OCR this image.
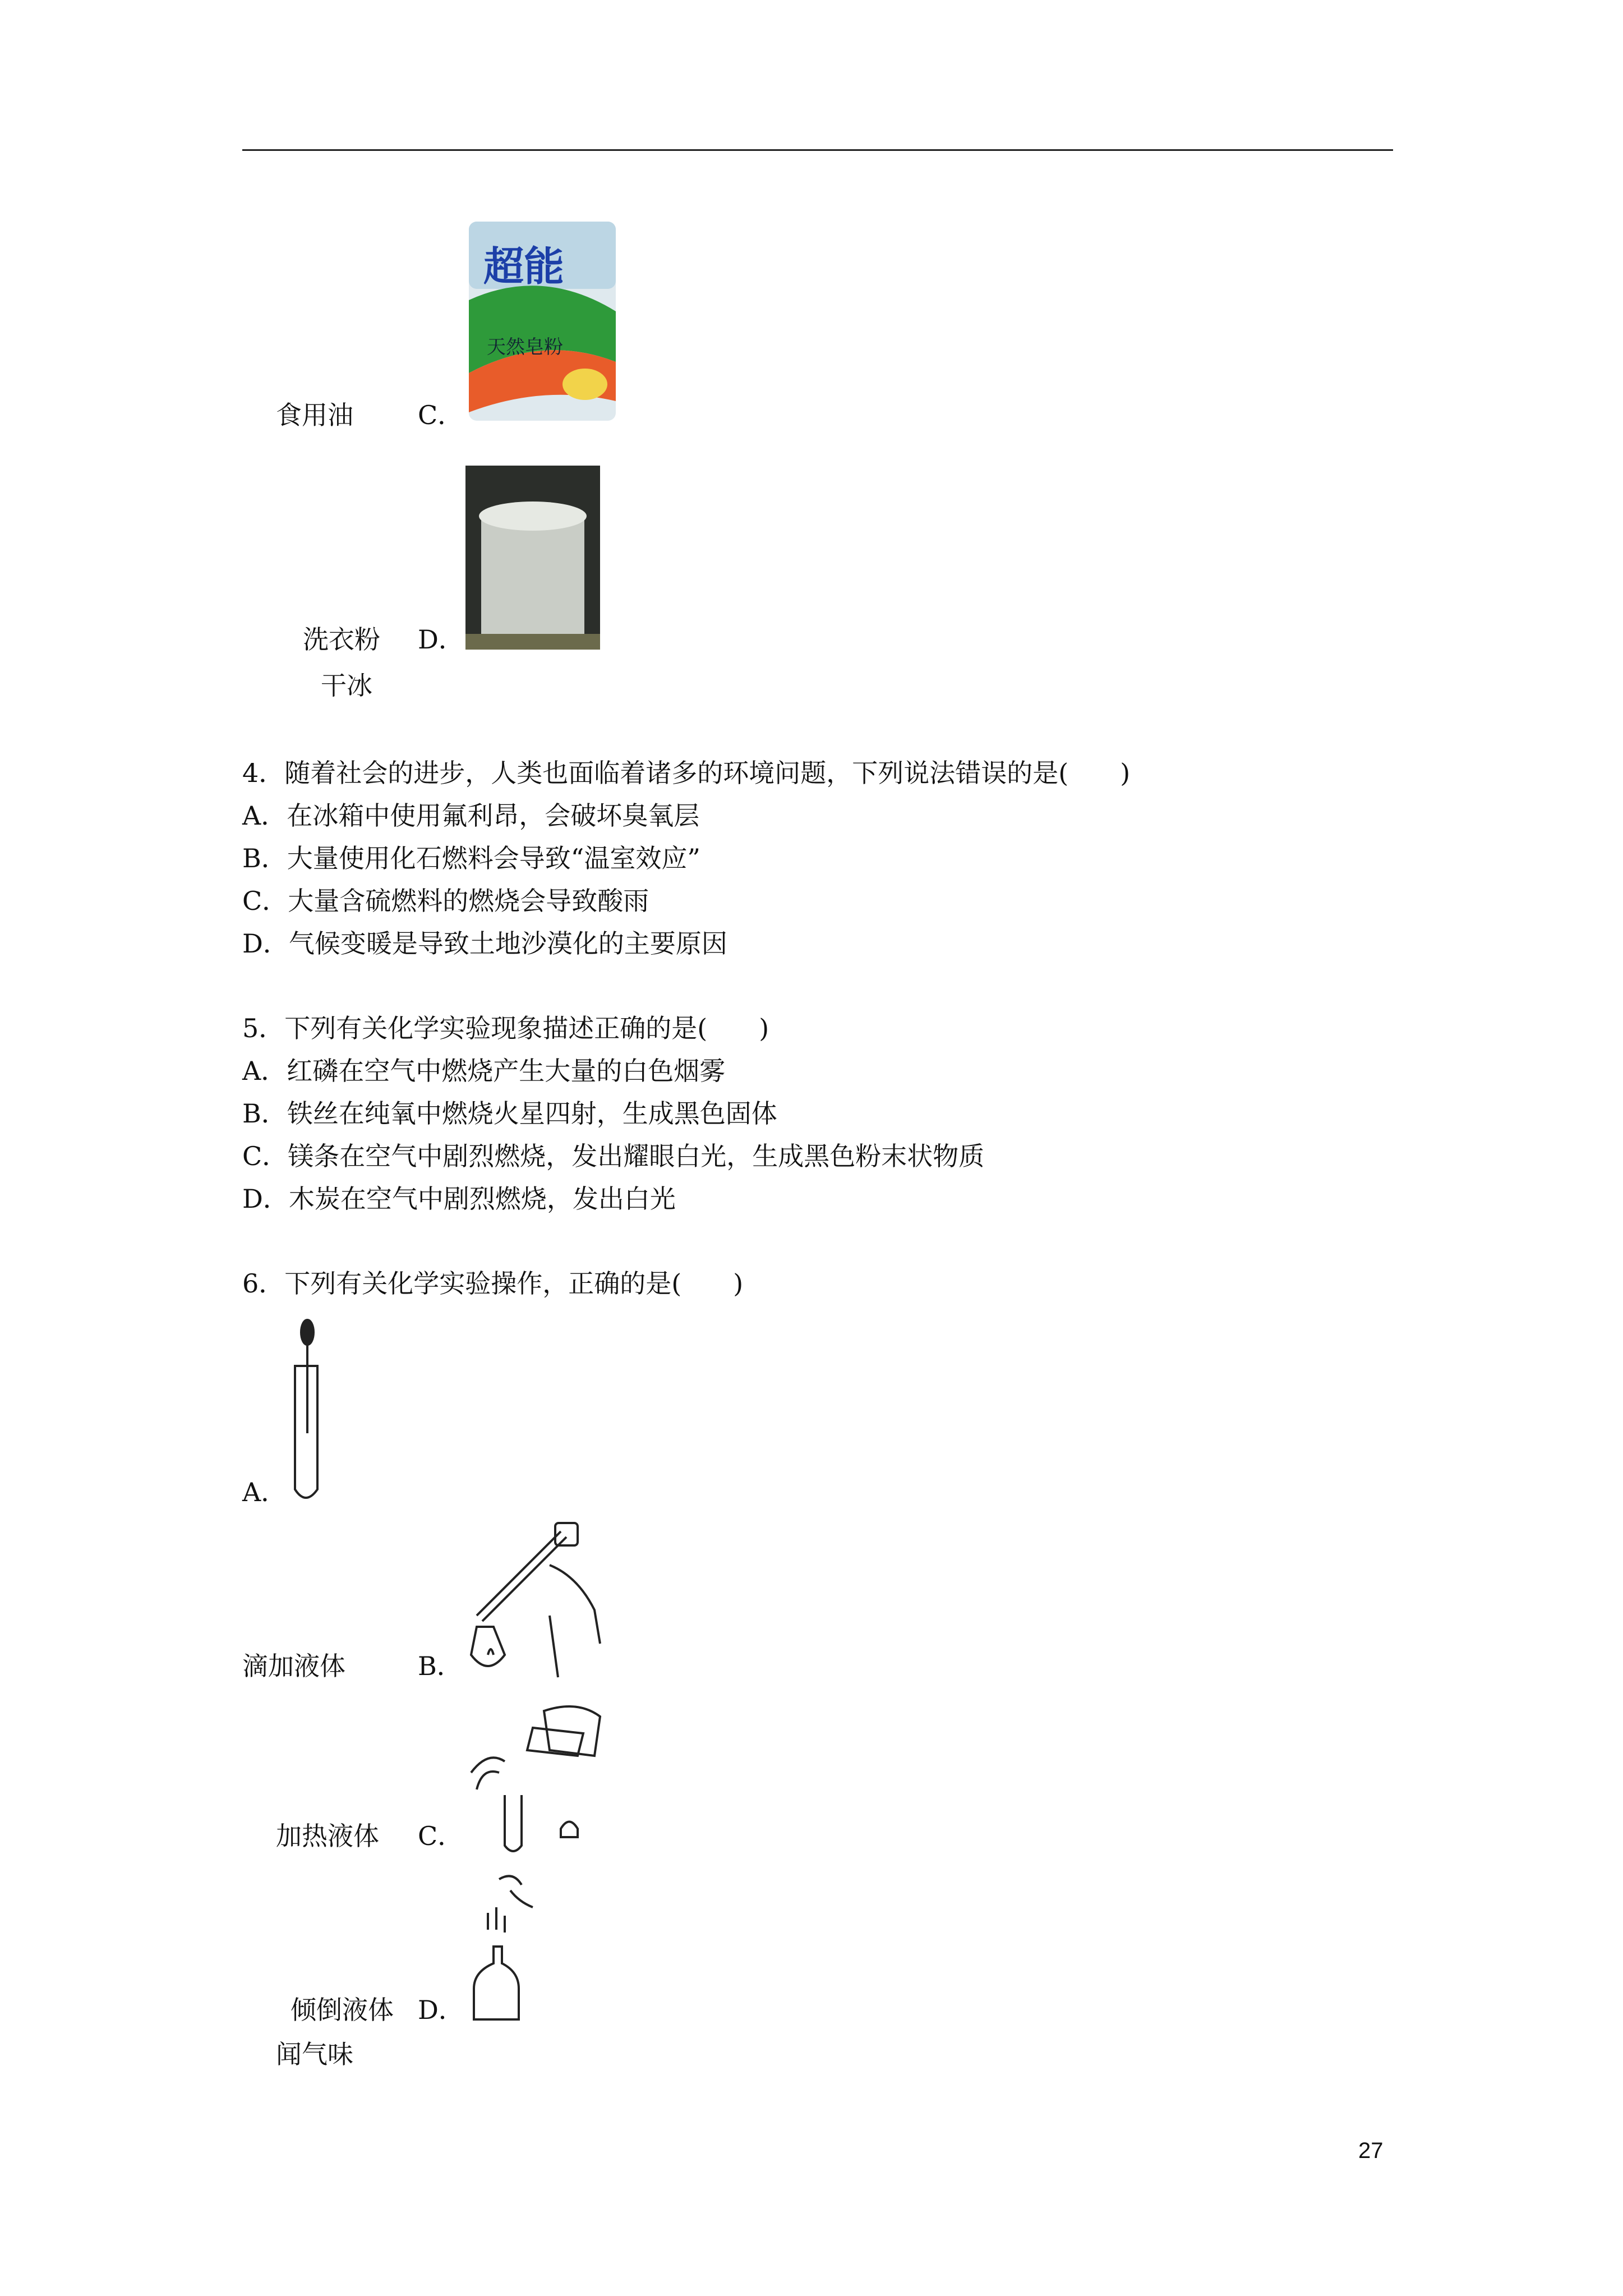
超能
天然皂粉
食用油	C．
洗衣粉 D．
干冰
4．随着社会的进步，人类也面临着诸多的环境问题，下列说法错误的是(　　)
A．在冰箱中使用氟利昂，会破坏臭氧层
B．大量使用化石燃料会导致“温室效应”
C．大量含硫燃料的燃烧会导致酸雨
D．气候变暖是导致土地沙漠化的主要原因
5．下列有关化学实验现象描述正确的是(　　)
A．红磷在空气中燃烧产生大量的白色烟雾
B．铁丝在纯氧中燃烧火星四射，生成黑色固体
C．镁条在空气中剧烈燃烧，发出耀眼白光，生成黑色粉末状物质
D．木炭在空气中剧烈燃烧，发出白光
6．下列有关化学实验操作，正确的是(　　)
A．
滴加液体	B．
加热液体 C．
倾倒液体 D．
闻气味
27
